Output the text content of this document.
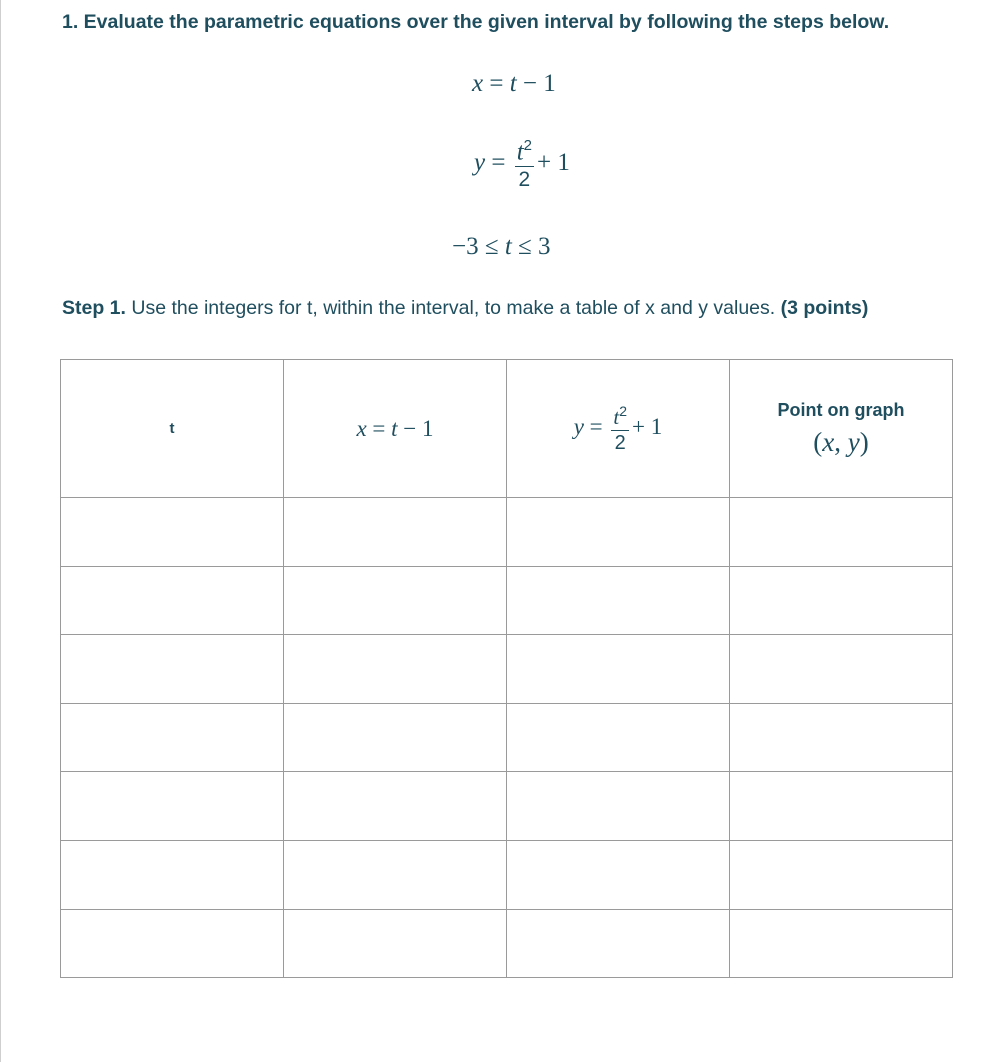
1. Evaluate the parametric equations over the given interval by following the steps below.
x = t − 1
$y = \frac{t^2}{2} + 1$
−3 ≤ t ≤ 3

Step 1. Use the integers for t, within the interval, to make a table of x and y values. (3 points)

t	x = t − 1	$y = \frac{t^2}{2} + 1$	Point on graph
(x, y)
